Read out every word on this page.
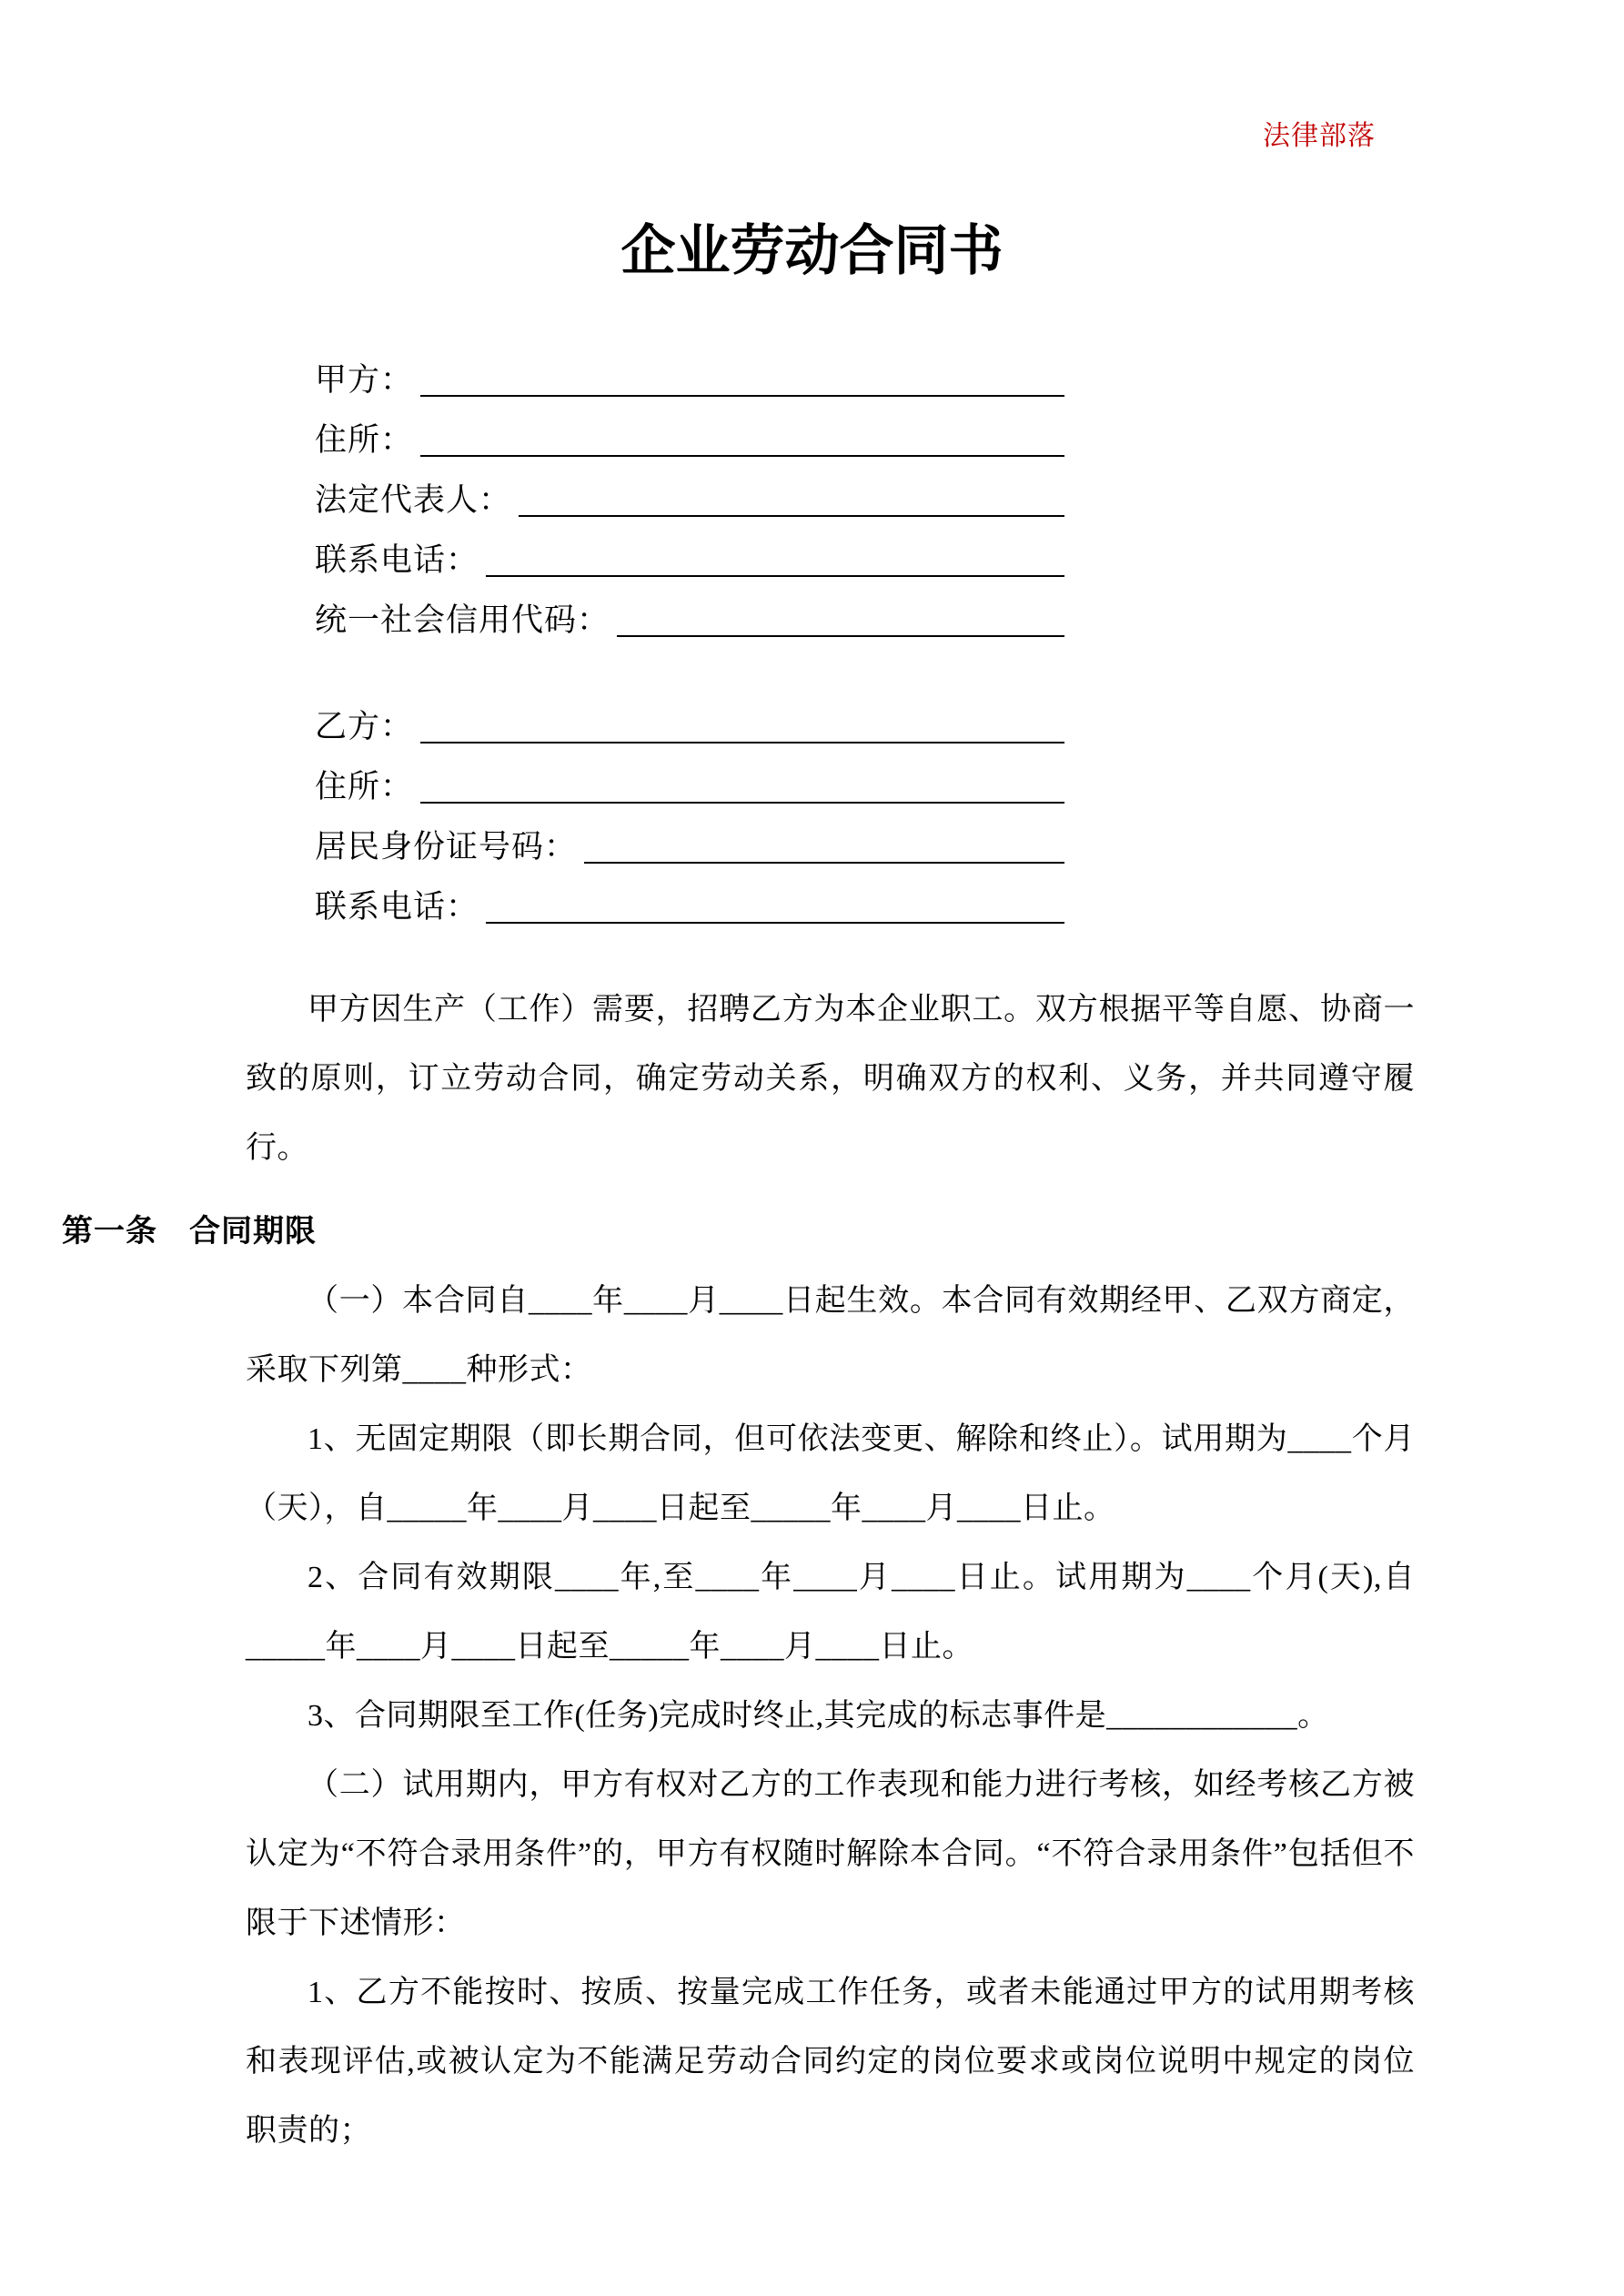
法律部落
企业劳动合同书
甲方：
住所：
法定代表人：
联系电话：
统一社会信用代码：
乙方：
住所：
居民身份证号码：
联系电话：

甲方因生产（工作）需要，招聘乙方为本企业职工。双方根据平等自愿、协商一致的原则，订立劳动合同，确定劳动关系，明确双方的权利、义务，并共同遵守履行。

第一条　合同期限

（一）本合同自____年____月____日起生效。本合同有效期经甲、乙双方商定，采取下列第____种形式：

1、无固定期限（即长期合同，但可依法变更、解除和终止）。试用期为____个月（天），自_____年____月____日起至_____年____月____日止。

2、合同有效期限____年,至____年____月____日止。试用期为____个月(天),自_____年____月____日起至_____年____月____日止。

3、合同期限至工作(任务)完成时终止,其完成的标志事件是____________。

（二）试用期内，甲方有权对乙方的工作表现和能力进行考核，如经考核乙方被认定为“不符合录用条件”的，甲方有权随时解除本合同。“不符合录用条件”包括但不限于下述情形：

1、乙方不能按时、按质、按量完成工作任务，或者未能通过甲方的试用期考核和表现评估,或被认定为不能满足劳动合同约定的岗位要求或岗位说明中规定的岗位职责的；
